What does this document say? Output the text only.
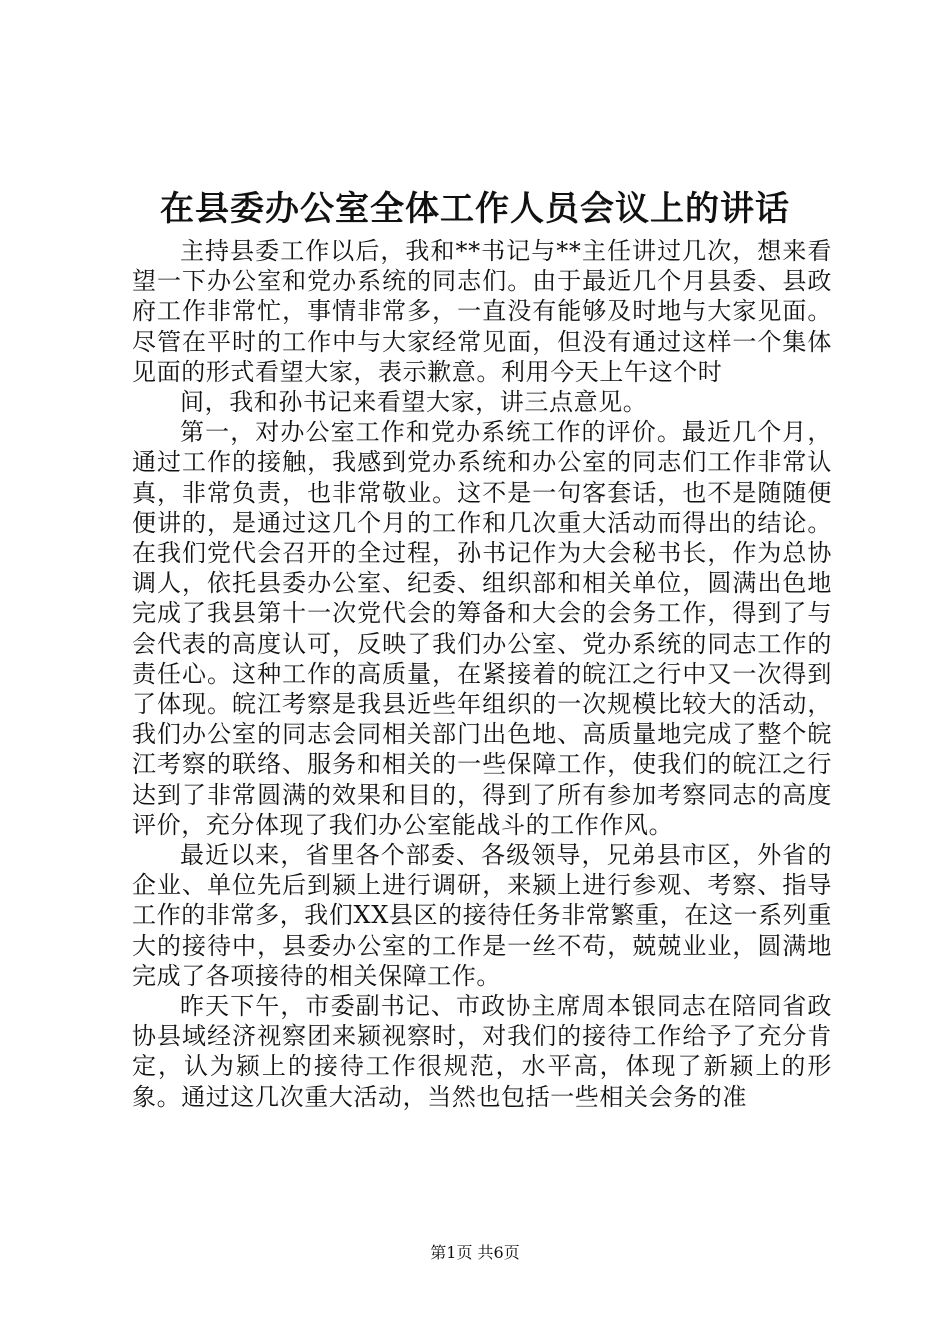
在县委办公室全体工作人员会议上的讲话

主持县委工作以后，我和**书记与**主任讲过几次，想来看望一下办公室和党办系统的同志们。由于最近几个月县委、县政府工作非常忙，事情非常多，一直没有能够及时地与大家见面。尽管在平时的工作中与大家经常见面，但没有通过这样一个集体见面的形式看望大家，表示歉意。利用今天上午这个时

间，我和孙书记来看望大家，讲三点意见。

第一，对办公室工作和党办系统工作的评价。最近几个月，通过工作的接触，我感到党办系统和办公室的同志们工作非常认真，非常负责，也非常敬业。这不是一句客套话，也不是随随便便讲的，是通过这几个月的工作和几次重大活动而得出的结论。在我们党代会召开的全过程，孙书记作为大会秘书长，作为总协调人，依托县委办公室、纪委、组织部和相关单位，圆满出色地完成了我县第十一次党代会的筹备和大会的会务工作，得到了与会代表的高度认可，反映了我们办公室、党办系统的同志工作的责任心。这种工作的高质量，在紧接着的皖江之行中又一次得到了体现。皖江考察是我县近些年组织的一次规模比较大的活动，我们办公室的同志会同相关部门出色地、高质量地完成了整个皖江考察的联络、服务和相关的一些保障工作，使我们的皖江之行达到了非常圆满的效果和目的，得到了所有参加考察同志的高度评价，充分体现了我们办公室能战斗的工作作风。

最近以来，省里各个部委、各级领导，兄弟县市区，外省的企业、单位先后到颍上进行调研，来颍上进行参观、考察、指导工作的非常多，我们XX县区的接待任务非常繁重，在这一系列重大的接待中，县委办公室的工作是一丝不苟，兢兢业业，圆满地完成了各项接待的相关保障工作。

昨天下午，市委副书记、市政协主席周本银同志在陪同省政协县域经济视察团来颍视察时，对我们的接待工作给予了充分肯定，认为颍上的接待工作很规范，水平高，体现了新颍上的形象。通过这几次重大活动，当然也包括一些相关会务的准

第1页 共6页
